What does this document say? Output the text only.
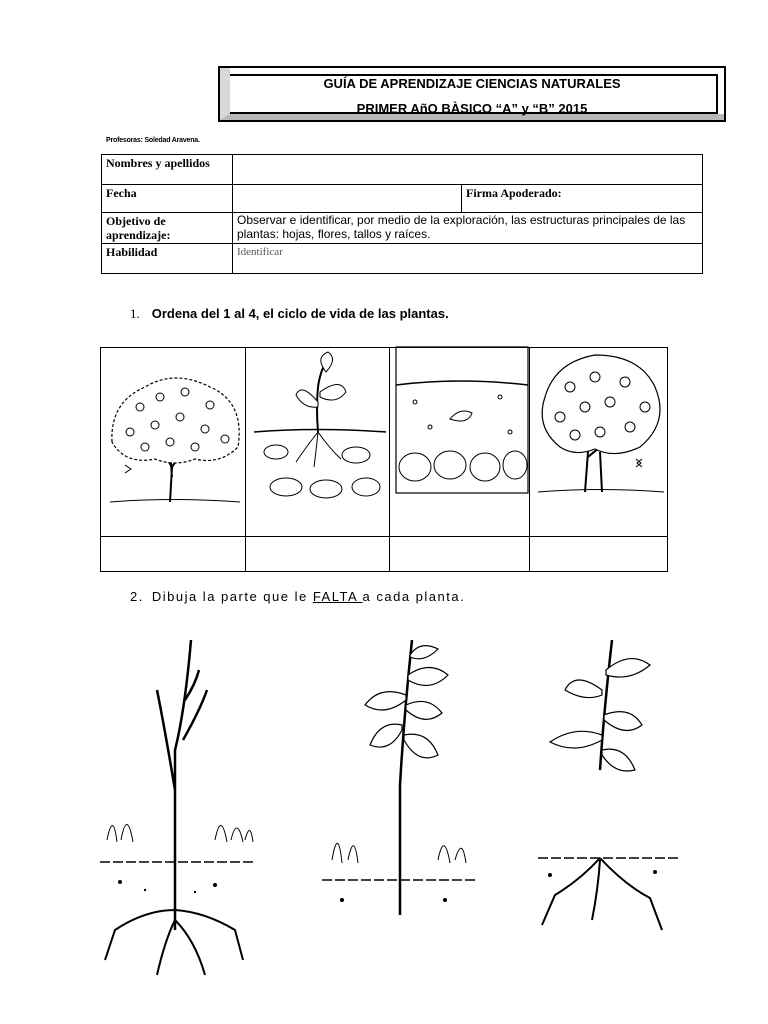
GUÍA DE APRENDIZAJE CIENCIAS NATURALES
PRIMER AñO BÀSICO “A” y “B” 2015
Profesoras: Soledad Aravena.
Nombres y apellidos		
Fecha		Firma Apoderado:
Objetivo de aprendizaje:	Observar e identificar, por medio de la exploración, las estructuras principales de las plantas: hojas, flores, tallos y raíces.	
Habilidad	Identificar	
1. Ordena del 1 al 4, el ciclo de vida de las plantas.
2. Dibuja la parte que le FALTA a cada planta.
